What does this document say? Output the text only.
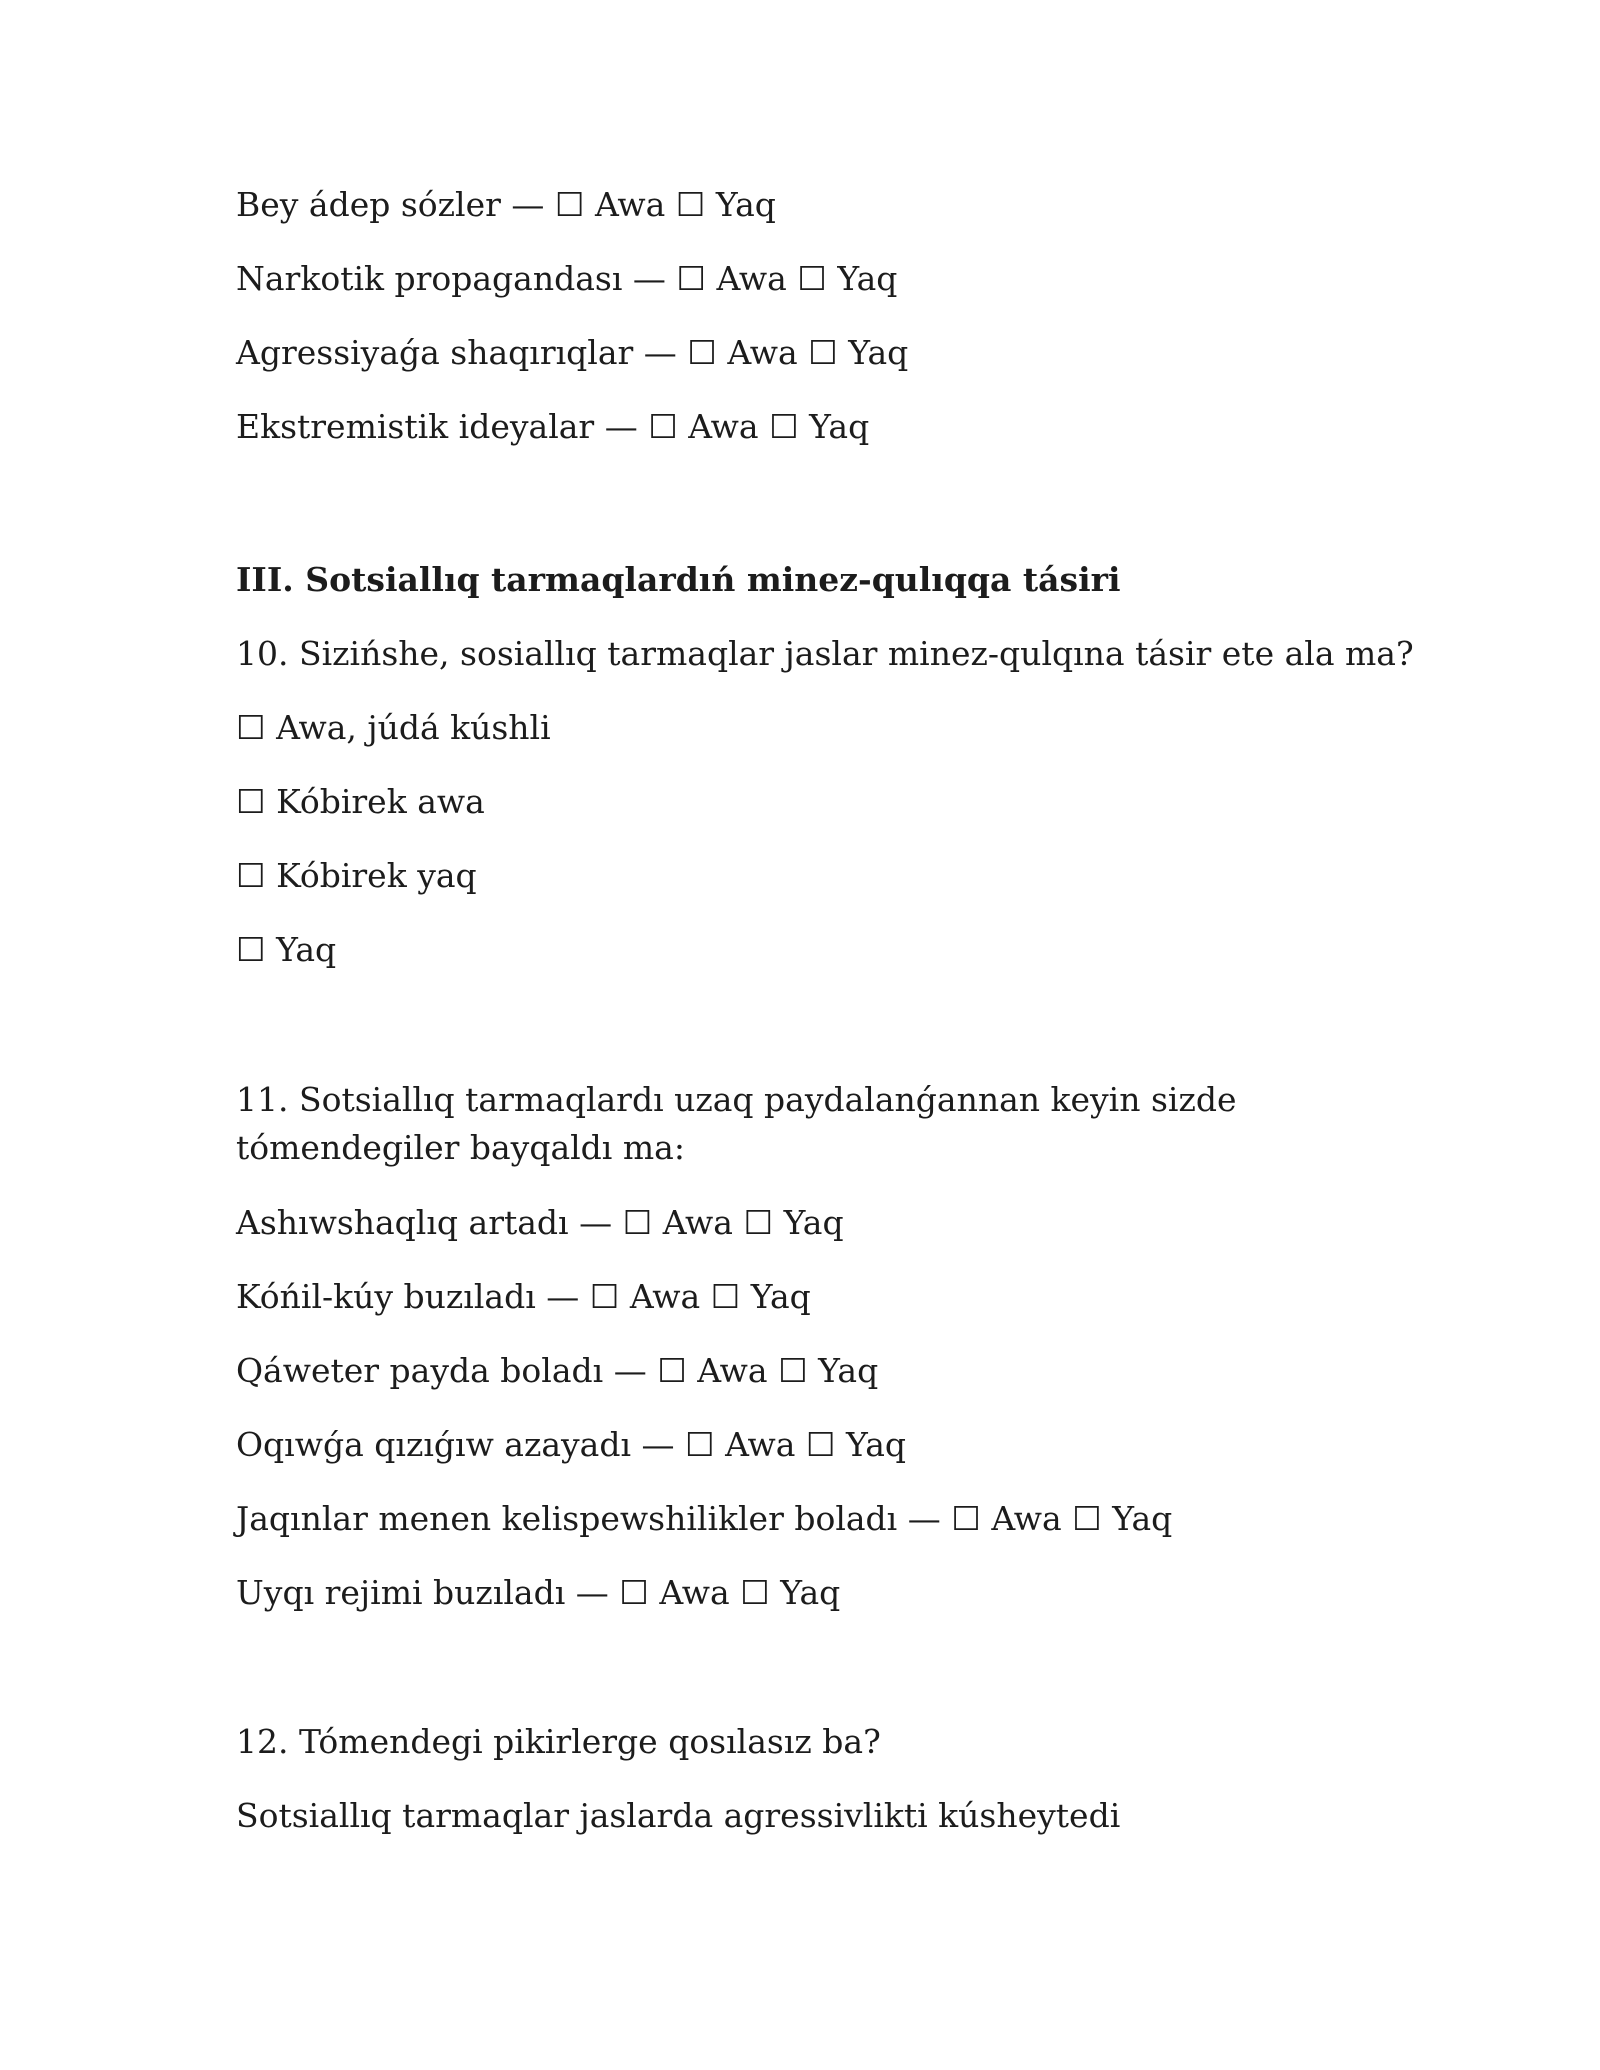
Bey ádep sózler — ☐ Awa ☐ Yaq
Narkotik propagandası — ☐ Awa ☐ Yaq
Agressiyaǵa shaqırıqlar — ☐ Awa ☐ Yaq
Ekstremistik ideyalar — ☐ Awa ☐ Yaq
III. Sotsiallıq tarmaqlardıń minez-qulıqqa tásiri
10. Sizińshe, sosiallıq tarmaqlar jaslar minez-qulqına tásir ete ala ma?
☐ Awa, júdá kúshli
☐ Kóbirek awa
☐ Kóbirek yaq
☐ Yaq
11. Sotsiallıq tarmaqlardı uzaq paydalanǵannan keyin sizde tómendegiler bayqaldı ma:
Ashıwshaqlıq artadı — ☐ Awa ☐ Yaq
Kóńil-kúy buzıladı — ☐ Awa ☐ Yaq
Qáweter payda boladı — ☐ Awa ☐ Yaq
Oqıwǵa qızıǵıw azayadı — ☐ Awa ☐ Yaq
Jaqınlar menen kelispewshilikler boladı — ☐ Awa ☐ Yaq
Uyqı rejimi buzıladı — ☐ Awa ☐ Yaq
12. Tómendegi pikirlerge qosılasız ba?
Sotsiallıq tarmaqlar jaslarda agressivlikti kúsheytedi
